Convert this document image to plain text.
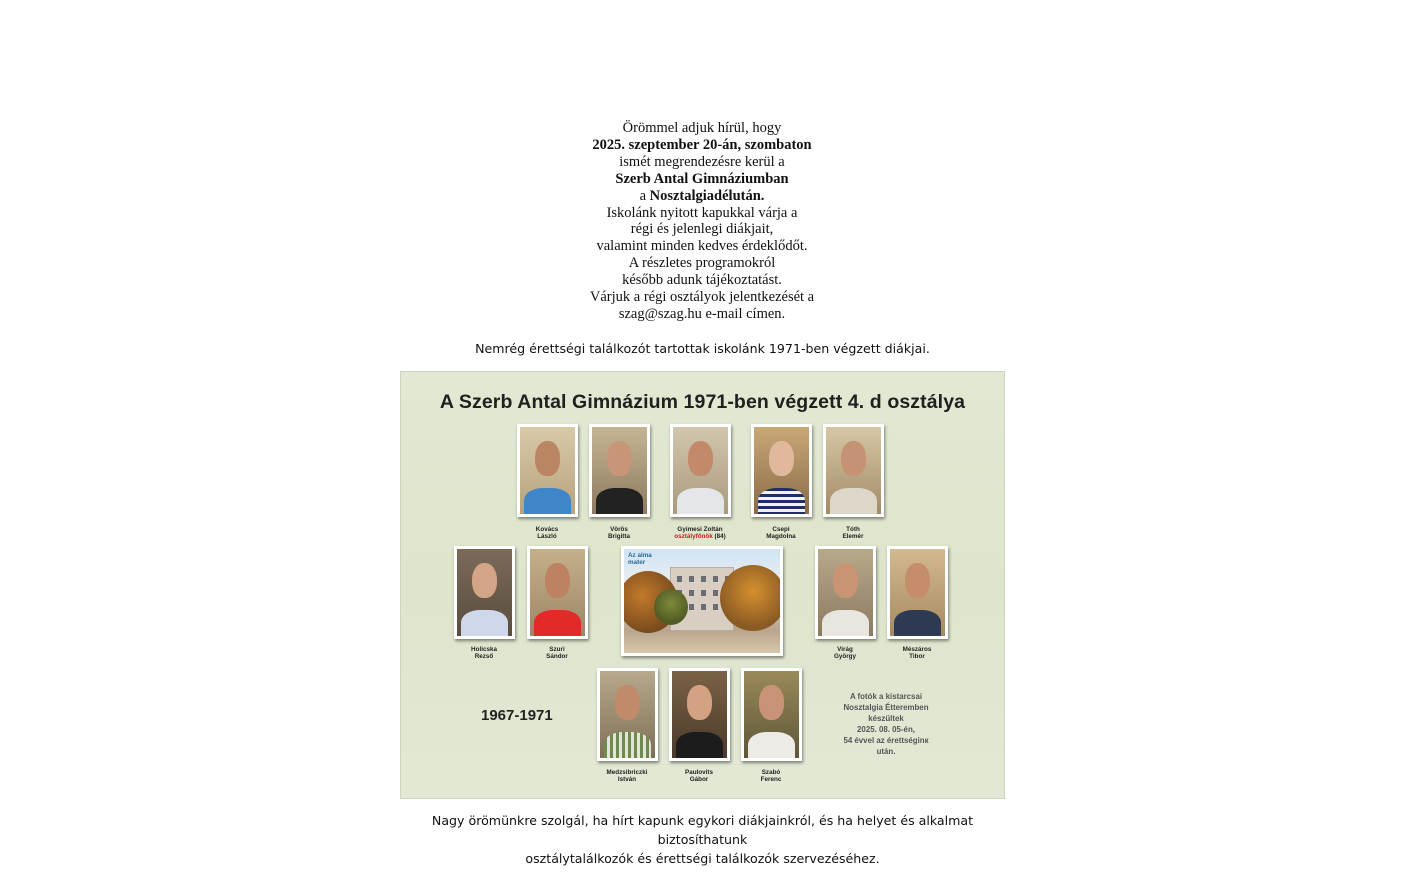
Örömmel adjuk hírül, hogy
2025. szeptember 20-án, szombaton
ismét megrendezésre kerül a
Szerb Antal Gimnáziumban
a Nosztalgiadélután.
Iskolánk nyitott kapukkal várja a
régi és jelenlegi diákjait,
valamint minden kedves érdeklődőt.
A részletes programokról
később adunk tájékoztatást.
Várjuk a régi osztályok jelentkezését a
szag@szag.hu e-mail címen.
Nemrég érettségi találkozót tartottak iskolánk 1971-ben végzett diákjai.
A Szerb Antal Gimnázium 1971-ben végzett 4. d osztálya
Kovács
László
Vörös
Brigitta
Gyimesi Zoltán
osztályfőnök (84)
Csepi
Magdolna
Tóth
Elemér
Holicska
Rezső
Szuri
Sándor
Az alma
mater
Virág
György
Mészáros
Tibor
1967-1971
Medzsibriczki
István
Paulovits
Gábor
Szabó
Ferenc
A fotók a kistarcsai
Nosztalgia Étteremben
készültek
2025. 08. 05-én,
54 évvel az érettséginк
után.
Nagy örömünkre szolgál, ha hírt kapunk egykori diákjainkról, és ha helyet és alkalmat biztosíthatunk
osztálytalálkozók és érettségi találkozók szervezéséhez.
